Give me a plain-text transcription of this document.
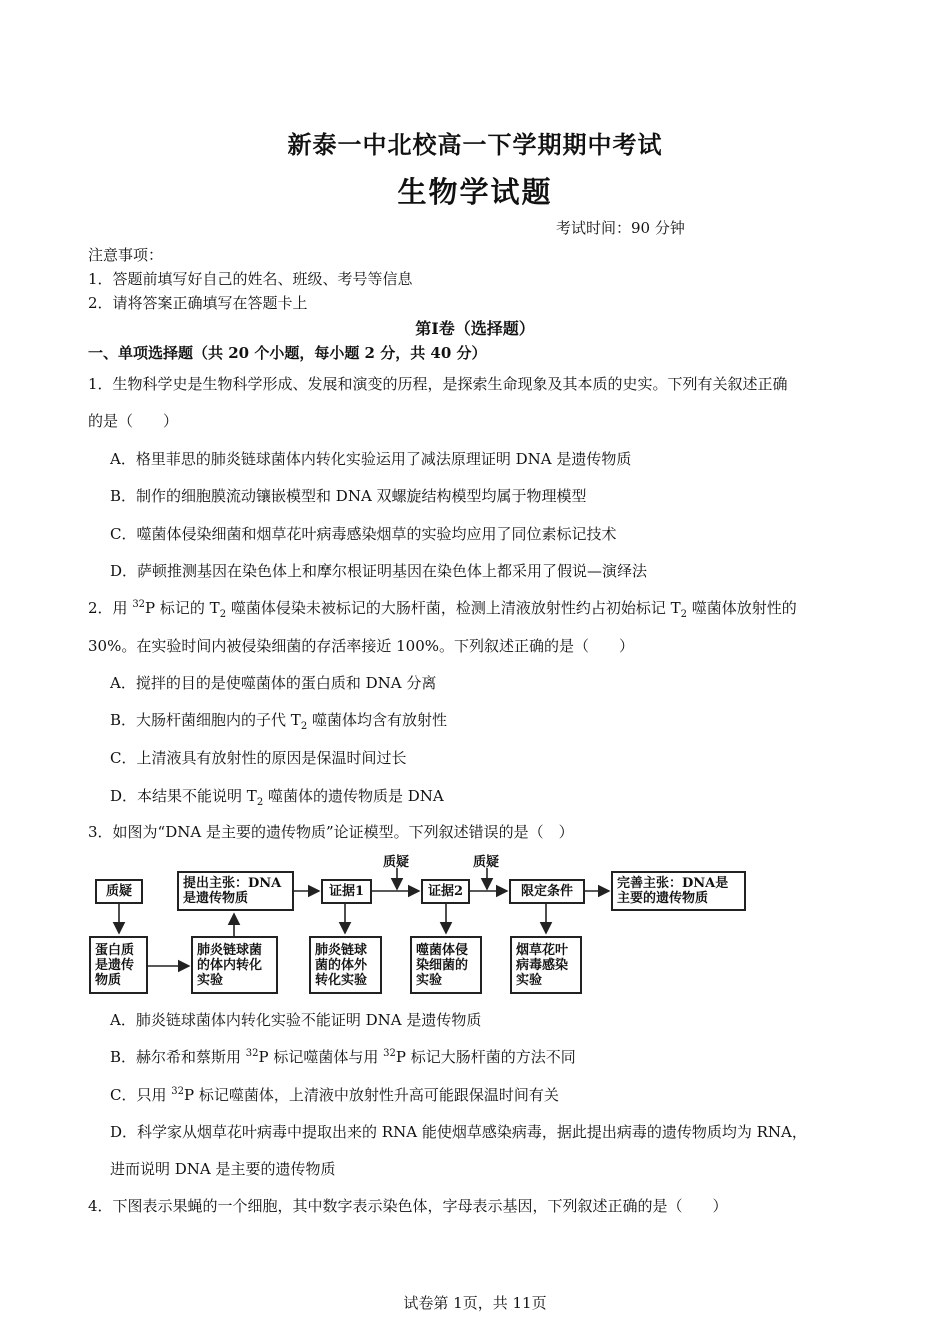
新泰一中北校高一下学期期中考试
生物学试题
考试时间：90 分钟
注意事项：
1．答题前填写好自己的姓名、班级、考号等信息
2．请将答案正确填写在答题卡上
第Ⅰ卷（选择题）
一、单项选择题（共 20 个小题，每小题 2 分，共 40 分）
1．生物科学史是生物科学形成、发展和演变的历程，是探索生命现象及其本质的史实。下列有关叙述正确
的是（　　）
A．格里菲思的肺炎链球菌体内转化实验运用了减法原理证明 DNA 是遗传物质
B．制作的细胞膜流动镶嵌模型和 DNA 双螺旋结构模型均属于物理模型
C．噬菌体侵染细菌和烟草花叶病毒感染烟草的实验均应用了同位素标记技术
D．萨顿推测基因在染色体上和摩尔根证明基因在染色体上都采用了假说—演绎法
2．用 $^{32}$P 标记的 $T_2$ 噬菌体侵染未被标记的大肠杆菌，检测上清液放射性约占初始标记 $T_2$ 噬菌体放射性的
30%。在实验时间内被侵染细菌的存活率接近 100%。下列叙述正确的是（　　）
A．搅拌的目的是使噬菌体的蛋白质和 DNA 分离
B．大肠杆菌细胞内的子代 $T_2$ 噬菌体均含有放射性
C．上清液具有放射性的原因是保温时间过长
D．本结果不能说明 $T_2$ 噬菌体的遗传物质是 DNA
3．如图为“DNA 是主要的遗传物质”论证模型。下列叙述错误的是（　）
质疑	质疑
质疑
提出主张：DNA是遗传物质	证据1	证据2	限定条件
完善主张：DNA是主要的遗传物质
蛋白质是遗传物质
肺炎链球菌的体内转化实验
肺炎链球菌的体外转化实验
噬菌体侵染细菌的实验
烟草花叶病毒感染实验
A．肺炎链球菌体内转化实验不能证明 DNA 是遗传物质
B．赫尔希和蔡斯用 $^{32}$P 标记噬菌体与用 $^{32}$P 标记大肠杆菌的方法不同
C．只用 $^{32}$P 标记噬菌体，上清液中放射性升高可能跟保温时间有关
D．科学家从烟草花叶病毒中提取出来的 RNA 能使烟草感染病毒，据此提出病毒的遗传物质均为 RNA，
进而说明 DNA 是主要的遗传物质
4．下图表示果蝇的一个细胞，其中数字表示染色体，字母表示基因，下列叙述正确的是（　　）
试卷第 1页，共 11页
